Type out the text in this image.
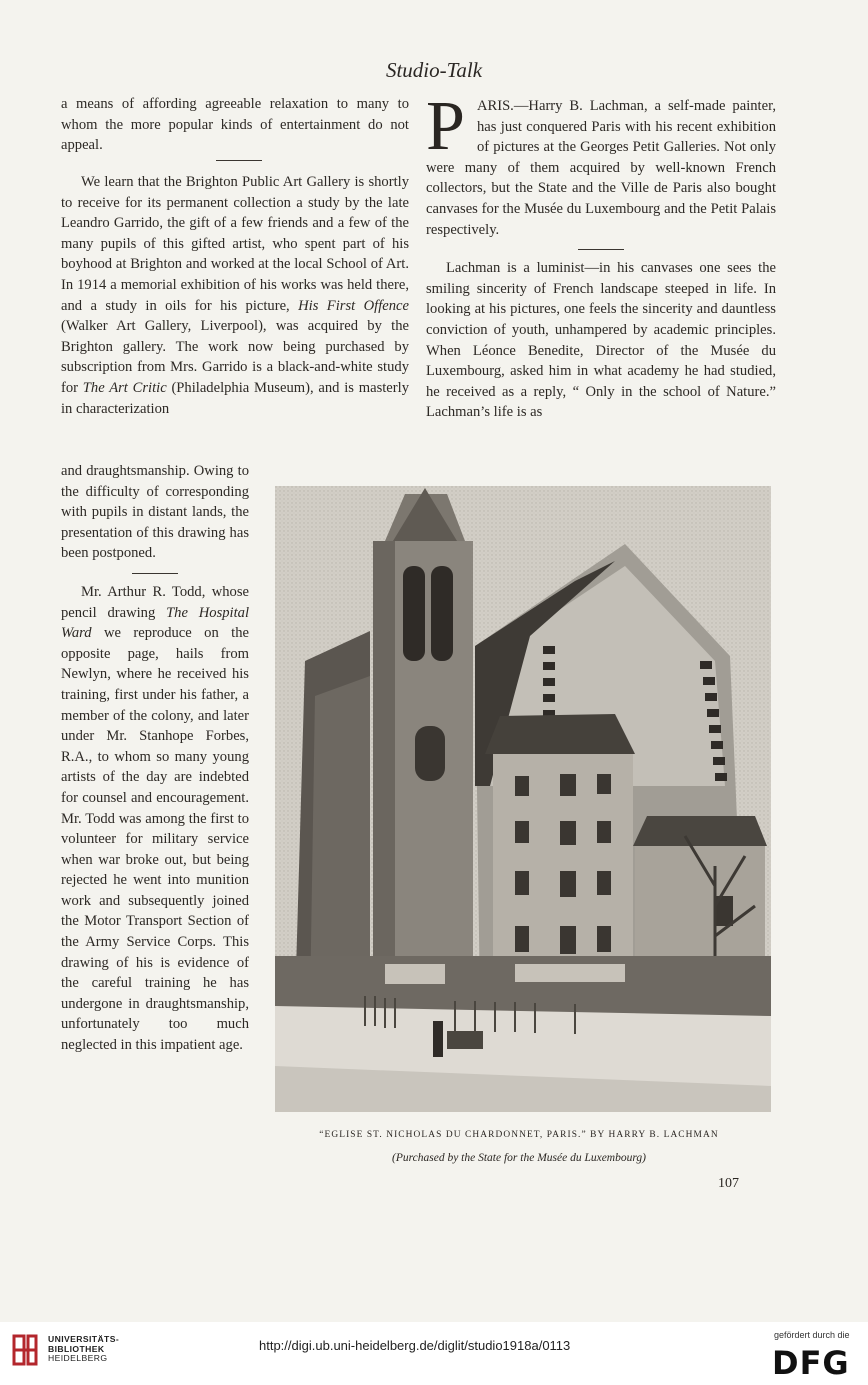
Studio-Talk

a means of affording agreeable relaxation to many to whom the more popular kinds of entertainment do not appeal.

We learn that the Brighton Public Art Gallery is shortly to receive for its permanent collection a study by the late Leandro Garrido, the gift of a few friends and a few of the many pupils of this gifted artist, who spent part of his boyhood at Brighton and worked at the local School of Art. In 1914 a memorial exhibition of his works was held there, and a study in oils for his picture, His First Offence (Walker Art Gallery, Liverpool), was acquired by the Brighton gallery. The work now being purchased by subscription from Mrs. Garrido is a black-and-white study for The Art Critic (Philadelphia Museum), and is masterly in characterization

and draughtsmanship. Owing to the difficulty of corresponding with pupils in distant lands, the presentation of this drawing has been postponed.

Mr. Arthur R. Todd, whose pencil drawing The Hospital Ward we reproduce on the opposite page, hails from Newlyn, where he received his training, first under his father, a member of the colony, and later under Mr. Stanhope Forbes, R.A., to whom so many young artists of the day are indebted for counsel and encouragement. Mr. Todd was among the first to volunteer for military service when war broke out, but being rejected he went into munition work and subsequently joined the Motor Transport Section of the Army Service Corps. This drawing of his is evidence of the careful training he has undergone in draughtsmanship, unfortunately too much neglected in this impatient age.

PARIS.—Harry B. Lachman, a self-made painter, has just conquered Paris with his recent exhibition of pictures at the Georges Petit Galleries. Not only were many of them acquired by well-known French collectors, but the State and the Ville de Paris also bought canvases for the Musée du Luxembourg and the Petit Palais respectively.

Lachman is a luminist—in his canvases one sees the smiling sincerity of French landscape steeped in life. In looking at his pictures, one feels the sincerity and dauntless conviction of youth, unhampered by academic principles. When Léonce Benedite, Director of the Musée du Luxembourg, asked him in what academy he had studied, he received as a reply, “ Only in the school of Nature.” Lachman’s life is as

“EGLISE ST. NICHOLAS DU CHARDONNET, PARIS.” BY HARRY B. LACHMAN
(Purchased by the State for the Musée du Luxembourg)
107
UNIVERSITÄTS-
BIBLIOTHEK
HEIDELBERG
http://digi.ub.uni-heidelberg.de/diglit/studio1918a/0113
gefördert durch die
DFG
